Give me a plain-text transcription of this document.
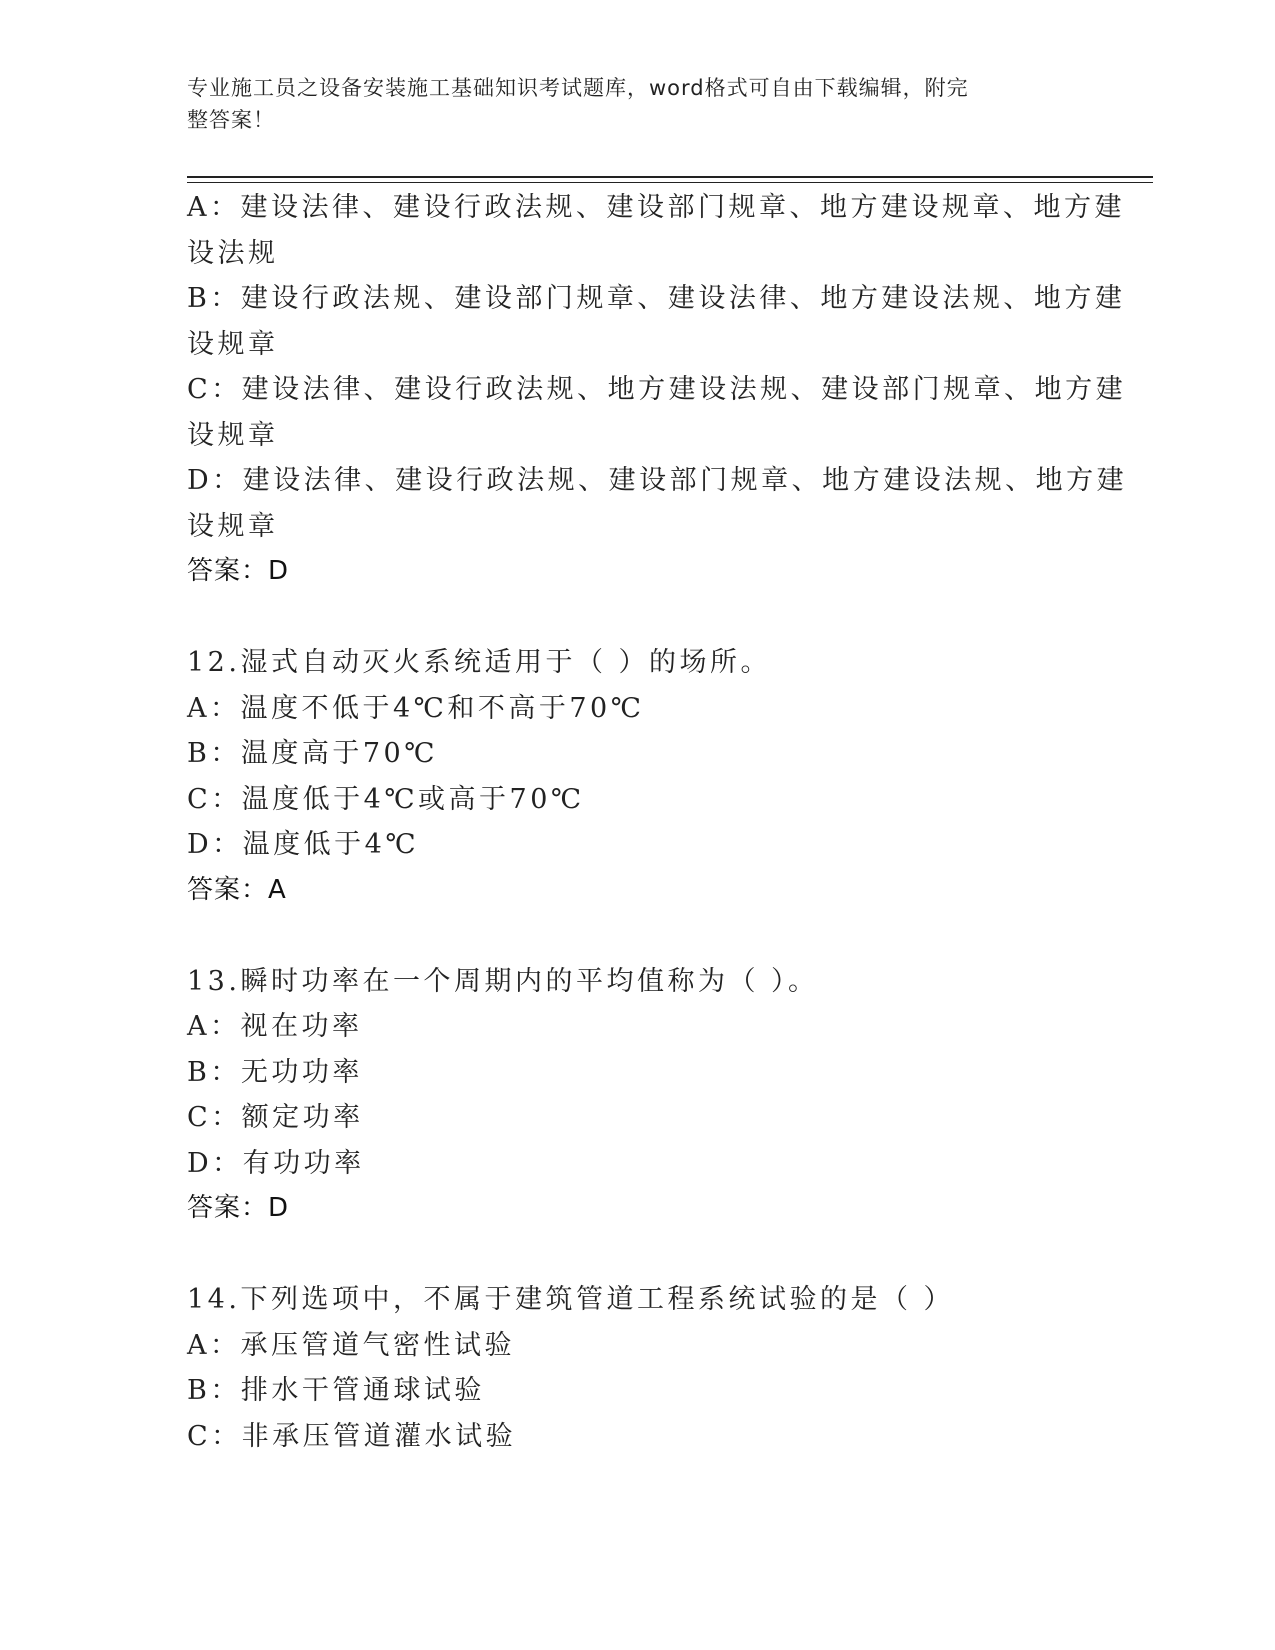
专业施工员之设备安装施工基础知识考试题库，word格式可自由下载编辑，附完
整答案！
A：建设法律、建设行政法规、建设部门规章、地方建设规章、地方建
设法规
B：建设行政法规、建设部门规章、建设法律、地方建设法规、地方建
设规章
C：建设法律、建设行政法规、地方建设法规、建设部门规章、地方建
设规章
D：建设法律、建设行政法规、建设部门规章、地方建设法规、地方建
设规章
答案：D
12.湿式自动灭火系统适用于（ ）的场所。
A：温度不低于4℃和不高于70℃
B：温度高于70℃
C：温度低于4℃或高于70℃
D：温度低于4℃
答案：A
13.瞬时功率在一个周期内的平均值称为（ ）。
A：视在功率
B：无功功率
C：额定功率
D：有功功率
答案：D
14.下列选项中，不属于建筑管道工程系统试验的是（ ）
A：承压管道气密性试验
B：排水干管通球试验
C：非承压管道灌水试验
